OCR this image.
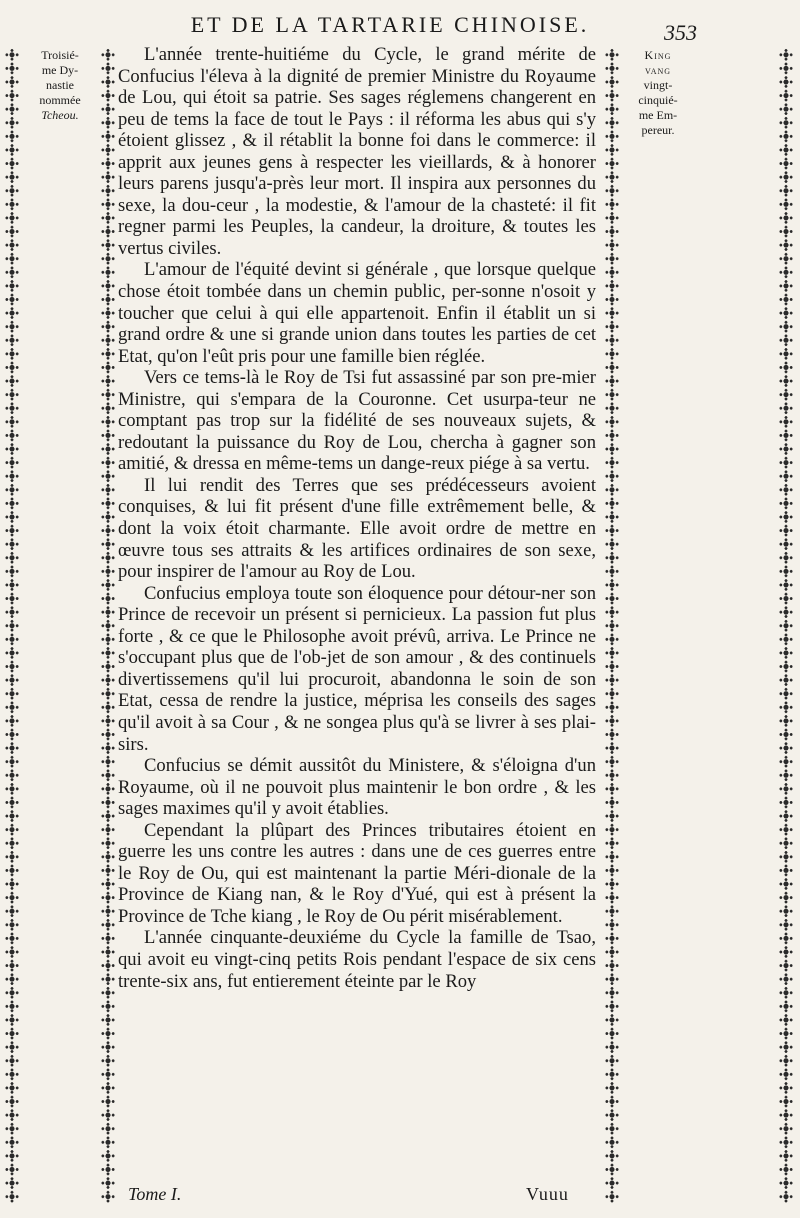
ET DE LA TARTARIE CHINOISE.	353
Troisié-
me Dy-
nastie
nommée
Tcheou.
King
vang
vingt-
cinquié-
me Em-
pereur.

L'année trente-huitiéme du Cycle, le grand mérite de Confucius l'éleva à la dignité de premier Ministre du Royaume de Lou, qui étoit sa patrie. Ses sages réglemens changerent en peu de tems la face de tout le Pays : il réforma les abus qui s'y étoient glissez , & il rétablit la bonne foi dans le commerce: il apprit aux jeunes gens à respecter les vieillards, & à honorer leurs parens jusqu'a-près leur mort. Il inspira aux personnes du sexe, la dou-ceur , la modestie, & l'amour de la chasteté: il fit regner parmi les Peuples, la candeur, la droiture, & toutes les vertus civiles.

L'amour de l'équité devint si générale , que lorsque quelque chose étoit tombée dans un chemin public, per-sonne n'osoit y toucher que celui à qui elle appartenoit. Enfin il établit un si grand ordre & une si grande union dans toutes les parties de cet Etat, qu'on l'eût pris pour une famille bien réglée.

Vers ce tems-là le Roy de Tsi fut assassiné par son pre-mier Ministre, qui s'empara de la Couronne. Cet usurpa-teur ne comptant pas trop sur la fidélité de ses nouveaux sujets, & redoutant la puissance du Roy de Lou, chercha à gagner son amitié, & dressa en même-tems un dange-reux piége à sa vertu.

Il lui rendit des Terres que ses prédécesseurs avoient conquises, & lui fit présent d'une fille extrêmement belle, & dont la voix étoit charmante. Elle avoit ordre de mettre en œuvre tous ses attraits & les artifices ordinaires de son sexe, pour inspirer de l'amour au Roy de Lou.

Confucius employa toute son éloquence pour détour-ner son Prince de recevoir un présent si pernicieux. La passion fut plus forte , & ce que le Philosophe avoit prévû, arriva. Le Prince ne s'occupant plus que de l'ob-jet de son amour , & des continuels divertissemens qu'il lui procuroit, abandonna le soin de son Etat, cessa de rendre la justice, méprisa les conseils des sages qu'il avoit à sa Cour , & ne songea plus qu'à se livrer à ses plai-sirs.

Confucius se démit aussitôt du Ministere, & s'éloigna d'un Royaume, où il ne pouvoit plus maintenir le bon ordre , & les sages maximes qu'il y avoit établies.

Cependant la plûpart des Princes tributaires étoient en guerre les uns contre les autres : dans une de ces guerres entre le Roy de Ou, qui est maintenant la partie Méri-dionale de la Province de Kiang nan, & le Roy d'Yué, qui est à présent la Province de Tche kiang , le Roy de Ou périt misérablement.

L'année cinquante-deuxiéme du Cycle la famille de Tsao, qui avoit eu vingt-cinq petits Rois pendant l'espace de six cens trente-six ans, fut entierement éteinte par le Roy

Tome I.	Vuuu
